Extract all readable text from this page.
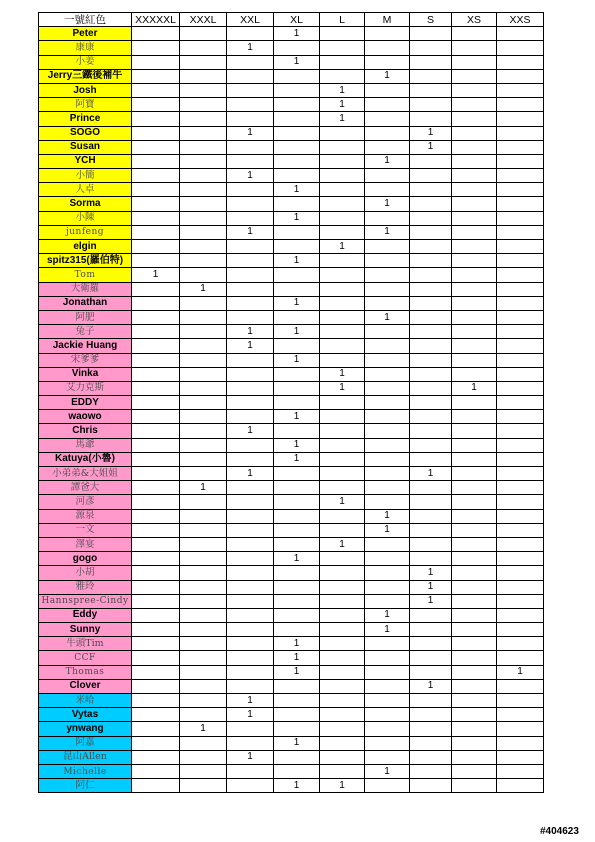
一號紅色	XXXXXL	XXXL	XXL	XL	L	M	S	XS	XXS
Peter				1					
康康			1						
小姜				1					
Jerry三鐵後補牛						1			
Josh					1				
阿寶					1				
Prince					1				
SOGO			1				1		
Susan							1		
YCH						1			
小簡			1						
人卓				1					
Sorma						1			
小陳				1					
junfeng			1			1			
elgin					1				
spitz315(羅伯特)				1					
Tom	1								
大衛羅		1							
Jonathan				1					
阿肥						1			
兔子			1	1					
Jackie Huang			1						
宋爹爹				1					
Vinka					1				
艾力克斯					1			1	
EDDY									
waowo				1					
Chris			1						
馬爺				1					
Katuya(小魯)				1					
小弟弟&大姐姐			1				1		
譚爸大		1							
河彥					1				
源泉						1			
一文						1			
澤宴					1				
gogo				1					
小胡							1		
雅玲							1		
Hannspree-Cindy							1		
Eddy						1			
Sunny						1			
牛頭Tim				1					
CCF				1					
Thomas				1					1
Clover							1		
米哈			1						
Vytas			1						
ynwang		1							
阿嘉				1					
昆山Allen			1						
Michelle						1			
阿仁				1	1				
#404623
